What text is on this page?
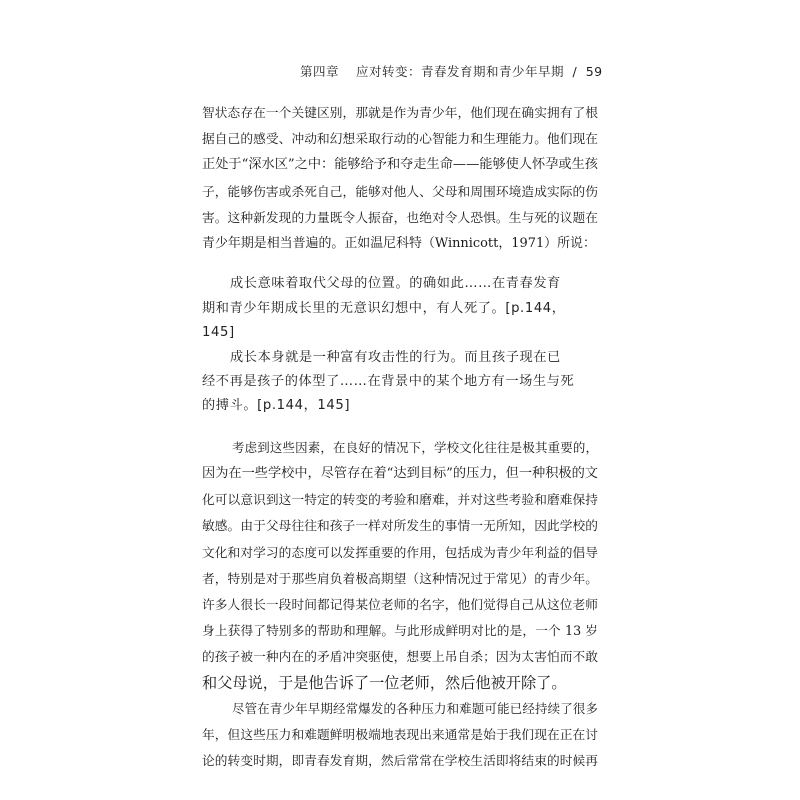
第四章 应对转变：青春发育期和青少年早期 / 59
智状态存在一个关键区别，那就是作为青少年，他们现在确实拥有了根
据自己的感受、冲动和幻想采取行动的心智能力和生理能力。他们现在
正处于“深水区”之中：能够给予和夺走生命——能够使人怀孕或生孩
子，能够伤害或杀死自己，能够对他人、父母和周围环境造成实际的伤
害。这种新发现的力量既令人振奋，也绝对令人恐惧。生与死的议题在
青少年期是相当普遍的。正如温尼科特（Winnicott，1971）所说：
成长意味着取代父母的位置。的确如此……在青春发育
期和青少年期成长里的无意识幻想中，有人死了。[p.144，
145]
成长本身就是一种富有攻击性的行为。而且孩子现在已
经不再是孩子的体型了……在背景中的某个地方有一场生与死
的搏斗。[p.144，145]
考虑到这些因素，在良好的情况下，学校文化往往是极其重要的，
因为在一些学校中，尽管存在着“达到目标”的压力，但一种积极的文
化可以意识到这一特定的转变的考验和磨难，并对这些考验和磨难保持
敏感。由于父母往往和孩子一样对所发生的事情一无所知，因此学校的
文化和对学习的态度可以发挥重要的作用，包括成为青少年利益的倡导
者，特别是对于那些肩负着极高期望（这种情况过于常见）的青少年。
许多人很长一段时间都记得某位老师的名字，他们觉得自己从这位老师
身上获得了特别多的帮助和理解。与此形成鲜明对比的是，一个 13 岁
的孩子被一种内在的矛盾冲突驱使，想要上吊自杀；因为太害怕而不敢
和父母说，于是他告诉了一位老师，然后他被开除了。
尽管在青少年早期经常爆发的各种压力和难题可能已经持续了很多
年，但这些压力和难题鲜明极端地表现出来通常是始于我们现在正在讨
论的转变时期，即青春发育期，然后常常在学校生活即将结束的时候再
